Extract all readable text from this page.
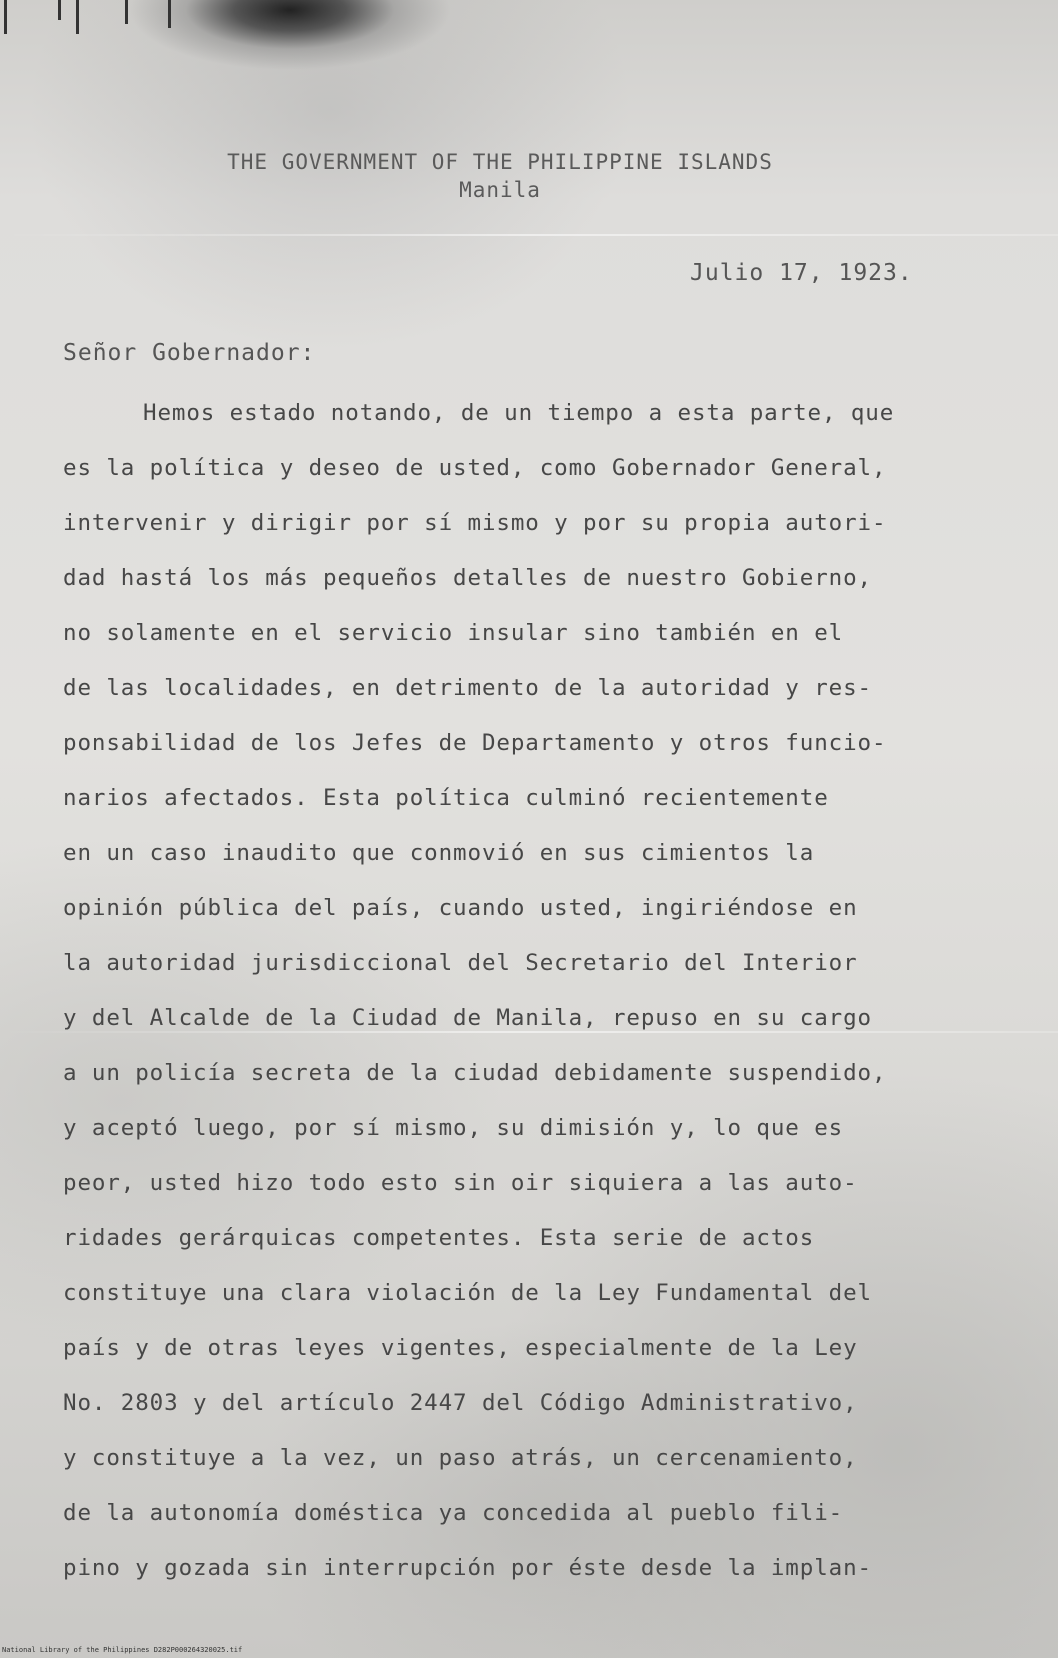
THE GOVERNMENT OF THE PHILIPPINE ISLANDS
Manila
Julio 17, 1923.
Señor Gobernador:
Hemos estado notando, de un tiempo a esta parte, que
es la política y deseo de usted, como Gobernador General,
intervenir y dirigir por sí mismo y por su propia autori-
dad hastá los más pequeños detalles de nuestro Gobierno,
no solamente en el servicio insular sino también en el
de las localidades, en detrimento de la autoridad y res-
ponsabilidad de los Jefes de Departamento y otros funcio-
narios afectados. Esta política culminó recientemente
en un caso inaudito que conmovió en sus cimientos la
opinión pública del país, cuando usted, ingiriéndose en
la autoridad jurisdiccional del Secretario del Interior
y del Alcalde de la Ciudad de Manila, repuso en su cargo
a un policía secreta de la ciudad debidamente suspendido,
y aceptó luego, por sí mismo, su dimisión y, lo que es
peor, usted hizo todo esto sin oir siquiera a las auto-
ridades gerárquicas competentes. Esta serie de actos
constituye una clara violación de la Ley Fundamental del
país y de otras leyes vigentes, especialmente de la Ley
No. 2803 y del artículo 2447 del Código Administrativo,
y constituye a la vez, un paso atrás, un cercenamiento,
de la autonomía doméstica ya concedida al pueblo fili-
pino y gozada sin interrupción por éste desde la implan-
National Library of the Philippines D282P000264320025.tif
